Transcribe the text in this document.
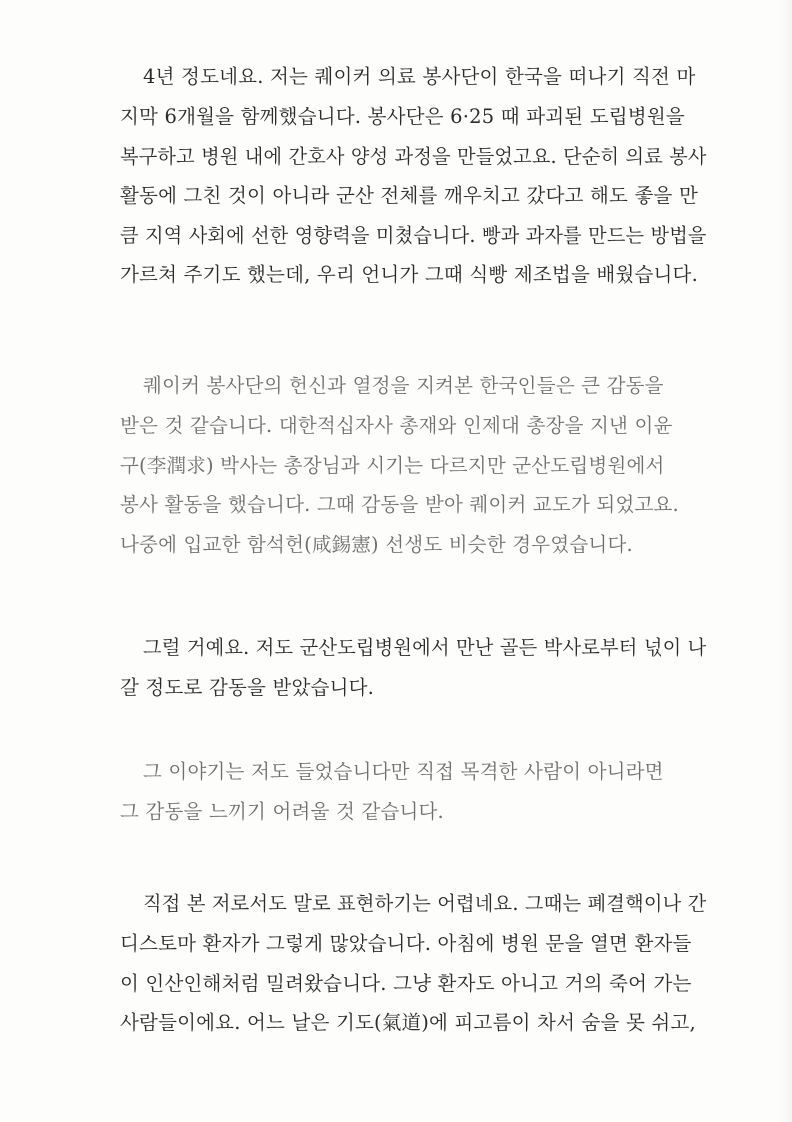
4년 정도네요. 저는 퀘이커 의료 봉사단이 한국을 떠나기 직전 마
지막 6개월을 함께했습니다. 봉사단은 6·25 때 파괴된 도립병원을
복구하고 병원 내에 간호사 양성 과정을 만들었고요. 단순히 의료 봉사
활동에 그친 것이 아니라 군산 전체를 깨우치고 갔다고 해도 좋을 만
큼 지역 사회에 선한 영향력을 미쳤습니다. 빵과 과자를 만드는 방법을
가르쳐 주기도 했는데, 우리 언니가 그때 식빵 제조법을 배웠습니다.
퀘이커 봉사단의 헌신과 열정을 지켜본 한국인들은 큰 감동을
받은 것 같습니다. 대한적십자사 총재와 인제대 총장을 지낸 이윤
구(李潤求) 박사는 총장님과 시기는 다르지만 군산도립병원에서
봉사 활동을 했습니다. 그때 감동을 받아 퀘이커 교도가 되었고요.
나중에 입교한 함석헌(咸錫憲) 선생도 비슷한 경우였습니다.
그럴 거예요. 저도 군산도립병원에서 만난 골든 박사로부터 넋이 나
갈 정도로 감동을 받았습니다.
그 이야기는 저도 들었습니다만 직접 목격한 사람이 아니라면
그 감동을 느끼기 어려울 것 같습니다.
직접 본 저로서도 말로 표현하기는 어렵네요. 그때는 폐결핵이나 간
디스토마 환자가 그렇게 많았습니다. 아침에 병원 문을 열면 환자들
이 인산인해처럼 밀려왔습니다. 그냥 환자도 아니고 거의 죽어 가는
사람들이에요. 어느 날은 기도(氣道)에 피고름이 차서 숨을 못 쉬고,
